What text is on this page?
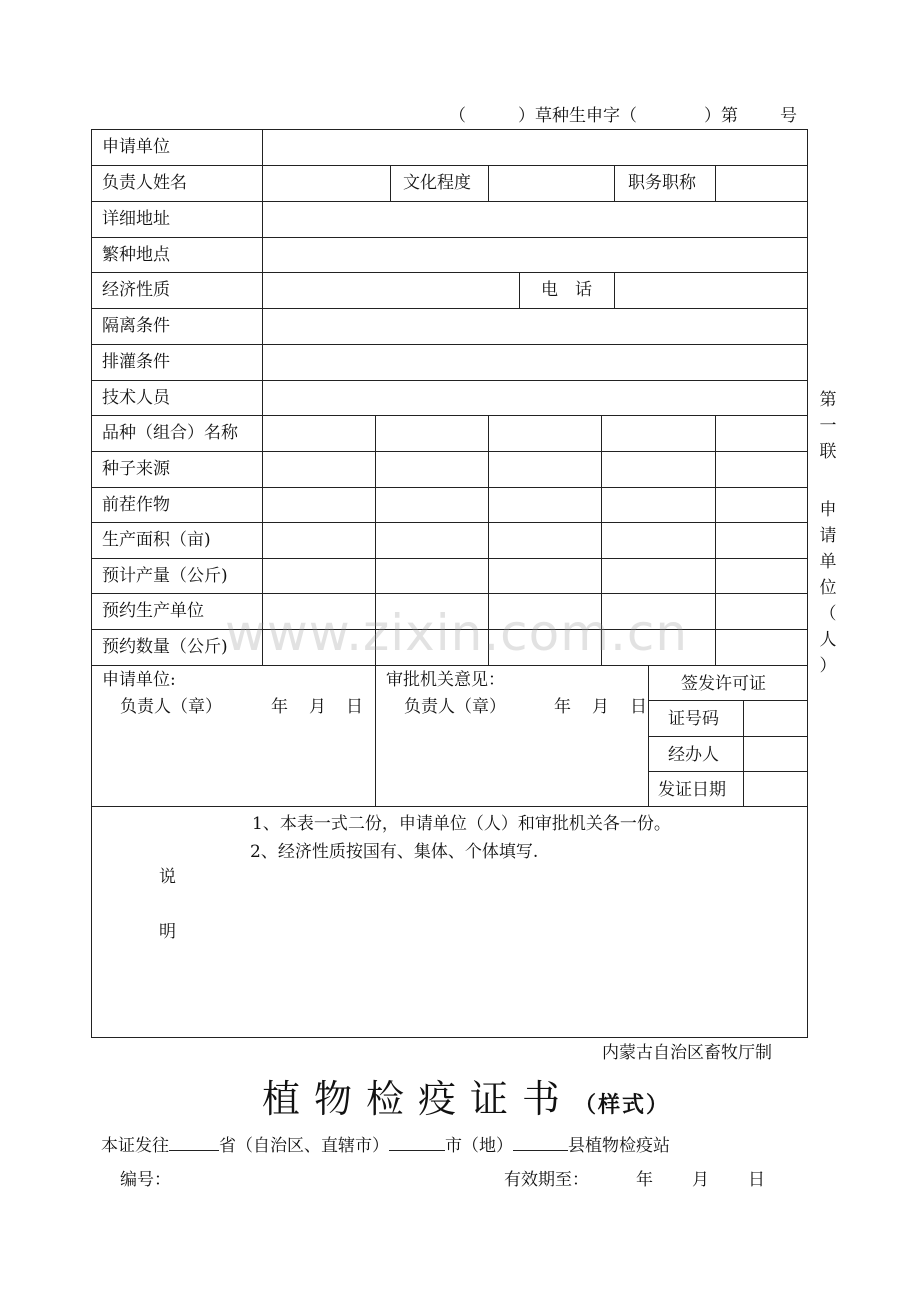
（	）草种生申字（	）第 号
申请单位
负责人姓名	文化程度	职务职称
详细地址
繁种地点
经济性质	电　话
隔离条件
排灌条件
技术人员
品种（组合）名称
种子来源
前茬作物
生产面积（亩)
预计产量（公斤)
预约生产单位
预约数量（公斤)
申请单位:
负责人（章）	年 月 日
审批机关意见：
负责人（章）	年 月 日
签发许可证
证号码
经办人
发证日期
1、本表一式二份，申请单位（人）和审批机关各一份。
2、经济性质按国有、集体、个体填写.
说
明
www.zixin.com.cn
第
一
联
申
请
单
位
（
人
）
内蒙古自治区畜牧厅制
植物检疫证书（样式）
本证发往	省（自治区、直辖市）	市（地）	县植物检疫站
编号：	有效期至：	年 月 日
